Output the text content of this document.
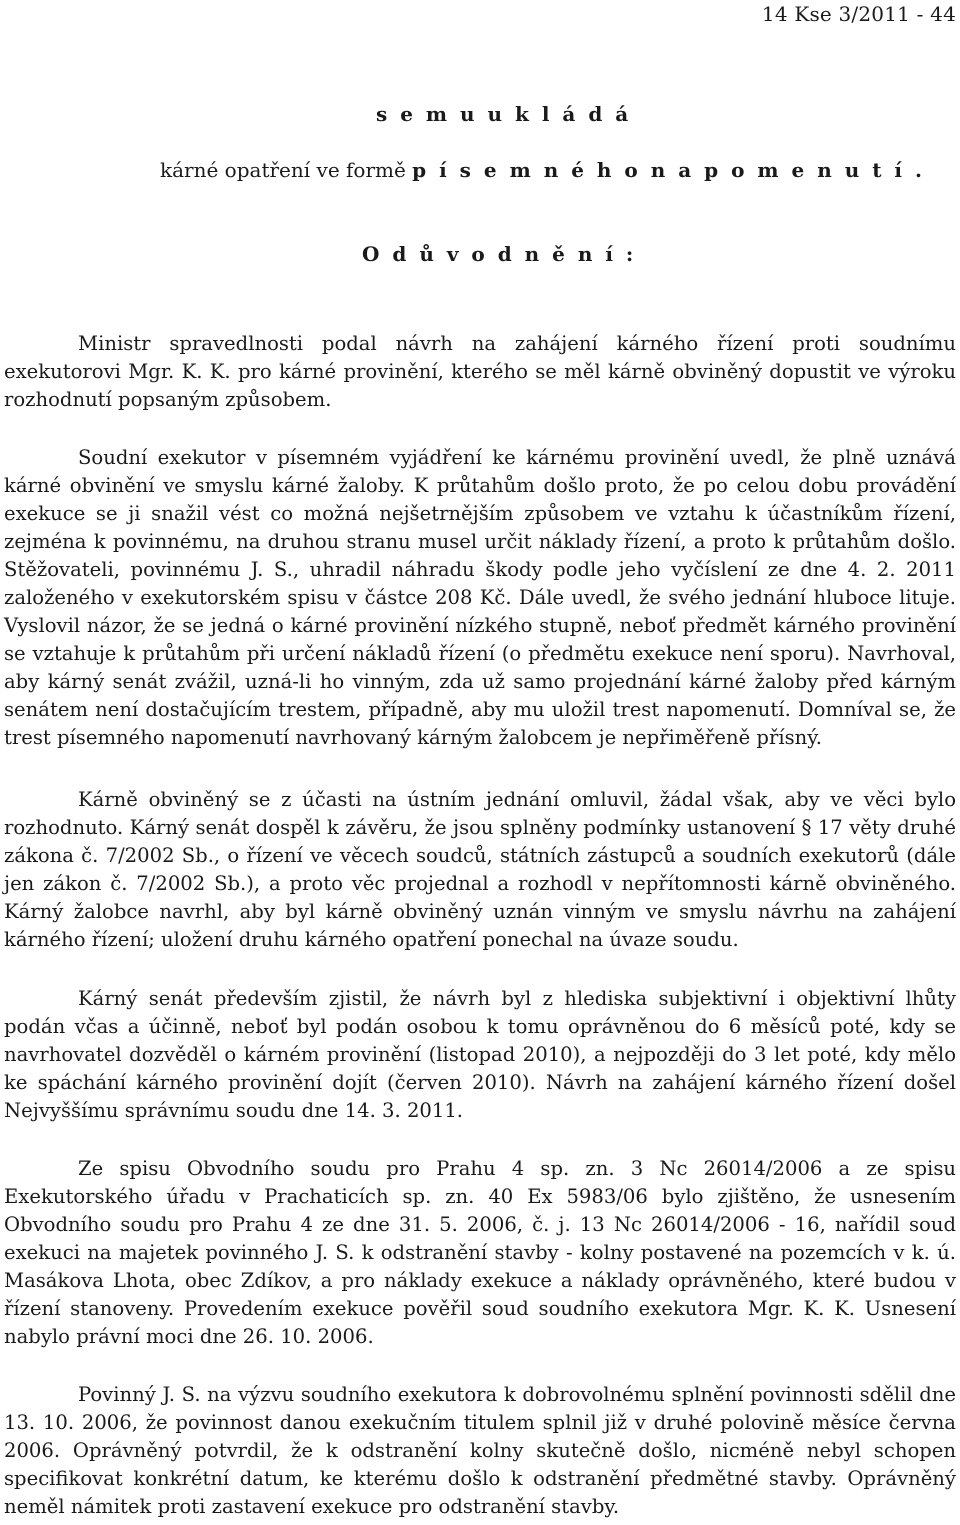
14 Kse 3/2011 - 44
s e m u u k l á d á
kárné opatření ve formě p í s e m n é h o n a p o m e n u t í .
O d ů v o d n ě n í :

Ministr spravedlnosti podal návrh na zahájení kárného řízení proti soudnímu exekutorovi Mgr. K. K. pro kárné provinění, kterého se měl kárně obviněný dopustit ve výroku rozhodnutí popsaným způsobem.

Soudní exekutor v písemném vyjádření ke kárnému provinění uvedl, že plně uznává kárné obvinění ve smyslu kárné žaloby. K průtahům došlo proto, že po celou dobu provádění exekuce se ji snažil vést co možná nejšetrnějším způsobem ve vztahu k účastníkům řízení, zejména k povinnému, na druhou stranu musel určit náklady řízení, a proto k průtahům došlo. Stěžovateli, povinnému J. S., uhradil náhradu škody podle jeho vyčíslení ze dne 4. 2. 2011 založeného v exekutorském spisu v částce 208 Kč. Dále uvedl, že svého jednání hluboce lituje. Vyslovil názor, že se jedná o kárné provinění nízkého stupně, neboť předmět kárného provinění se vztahuje k průtahům při určení nákladů řízení (o předmětu exekuce není sporu). Navrhoval, aby kárný senát zvážil, uzná-li ho vinným, zda už samo projednání kárné žaloby před kárným senátem není dostačujícím trestem, případně, aby mu uložil trest napomenutí. Domníval se, že trest písemného napomenutí navrhovaný kárným žalobcem je nepřiměřeně přísný.

Kárně obviněný se z účasti na ústním jednání omluvil, žádal však, aby ve věci bylo rozhodnuto. Kárný senát dospěl k závěru, že jsou splněny podmínky ustanovení § 17 věty druhé zákona č. 7/2002 Sb., o řízení ve věcech soudců, státních zástupců a soudních exekutorů (dále jen zákon č. 7/2002 Sb.), a proto věc projednal a rozhodl v nepřítomnosti kárně obviněného. Kárný žalobce navrhl, aby byl kárně obviněný uznán vinným ve smyslu návrhu na zahájení kárného řízení; uložení druhu kárného opatření ponechal na úvaze soudu.

Kárný senát především zjistil, že návrh byl z hlediska subjektivní i objektivní lhůty podán včas a účinně, neboť byl podán osobou k tomu oprávněnou do 6 měsíců poté, kdy se navrhovatel dozvěděl o kárném provinění (listopad 2010), a nejpozději do 3 let poté, kdy mělo ke spáchání kárného provinění dojít (červen 2010). Návrh na zahájení kárného řízení došel Nejvyššímu správnímu soudu dne 14. 3. 2011.

Ze spisu Obvodního soudu pro Prahu 4 sp. zn. 3 Nc 26014/2006 a ze spisu Exekutorského úřadu v Prachaticích sp. zn. 40 Ex 5983/06 bylo zjištěno, že usnesením Obvodního soudu pro Prahu 4 ze dne 31. 5. 2006, č. j. 13 Nc 26014/2006 - 16, nařídil soud exekuci na majetek povinného J. S. k odstranění stavby - kolny postavené na pozemcích v k. ú. Masákova Lhota, obec Zdíkov, a pro náklady exekuce a náklady oprávněného, které budou v řízení stanoveny. Provedením exekuce pověřil soud soudního exekutora Mgr. K. K. Usnesení nabylo právní moci dne 26. 10. 2006.

Povinný J. S. na výzvu soudního exekutora k dobrovolnému splnění povinnosti sdělil dne 13. 10. 2006, že povinnost danou exekučním titulem splnil již v druhé polovině měsíce června 2006. Oprávněný potvrdil, že k odstranění kolny skutečně došlo, nicméně nebyl schopen specifikovat konkrétní datum, ke kterému došlo k odstranění předmětné stavby. Oprávněný neměl námitek proti zastavení exekuce pro odstranění stavby.
